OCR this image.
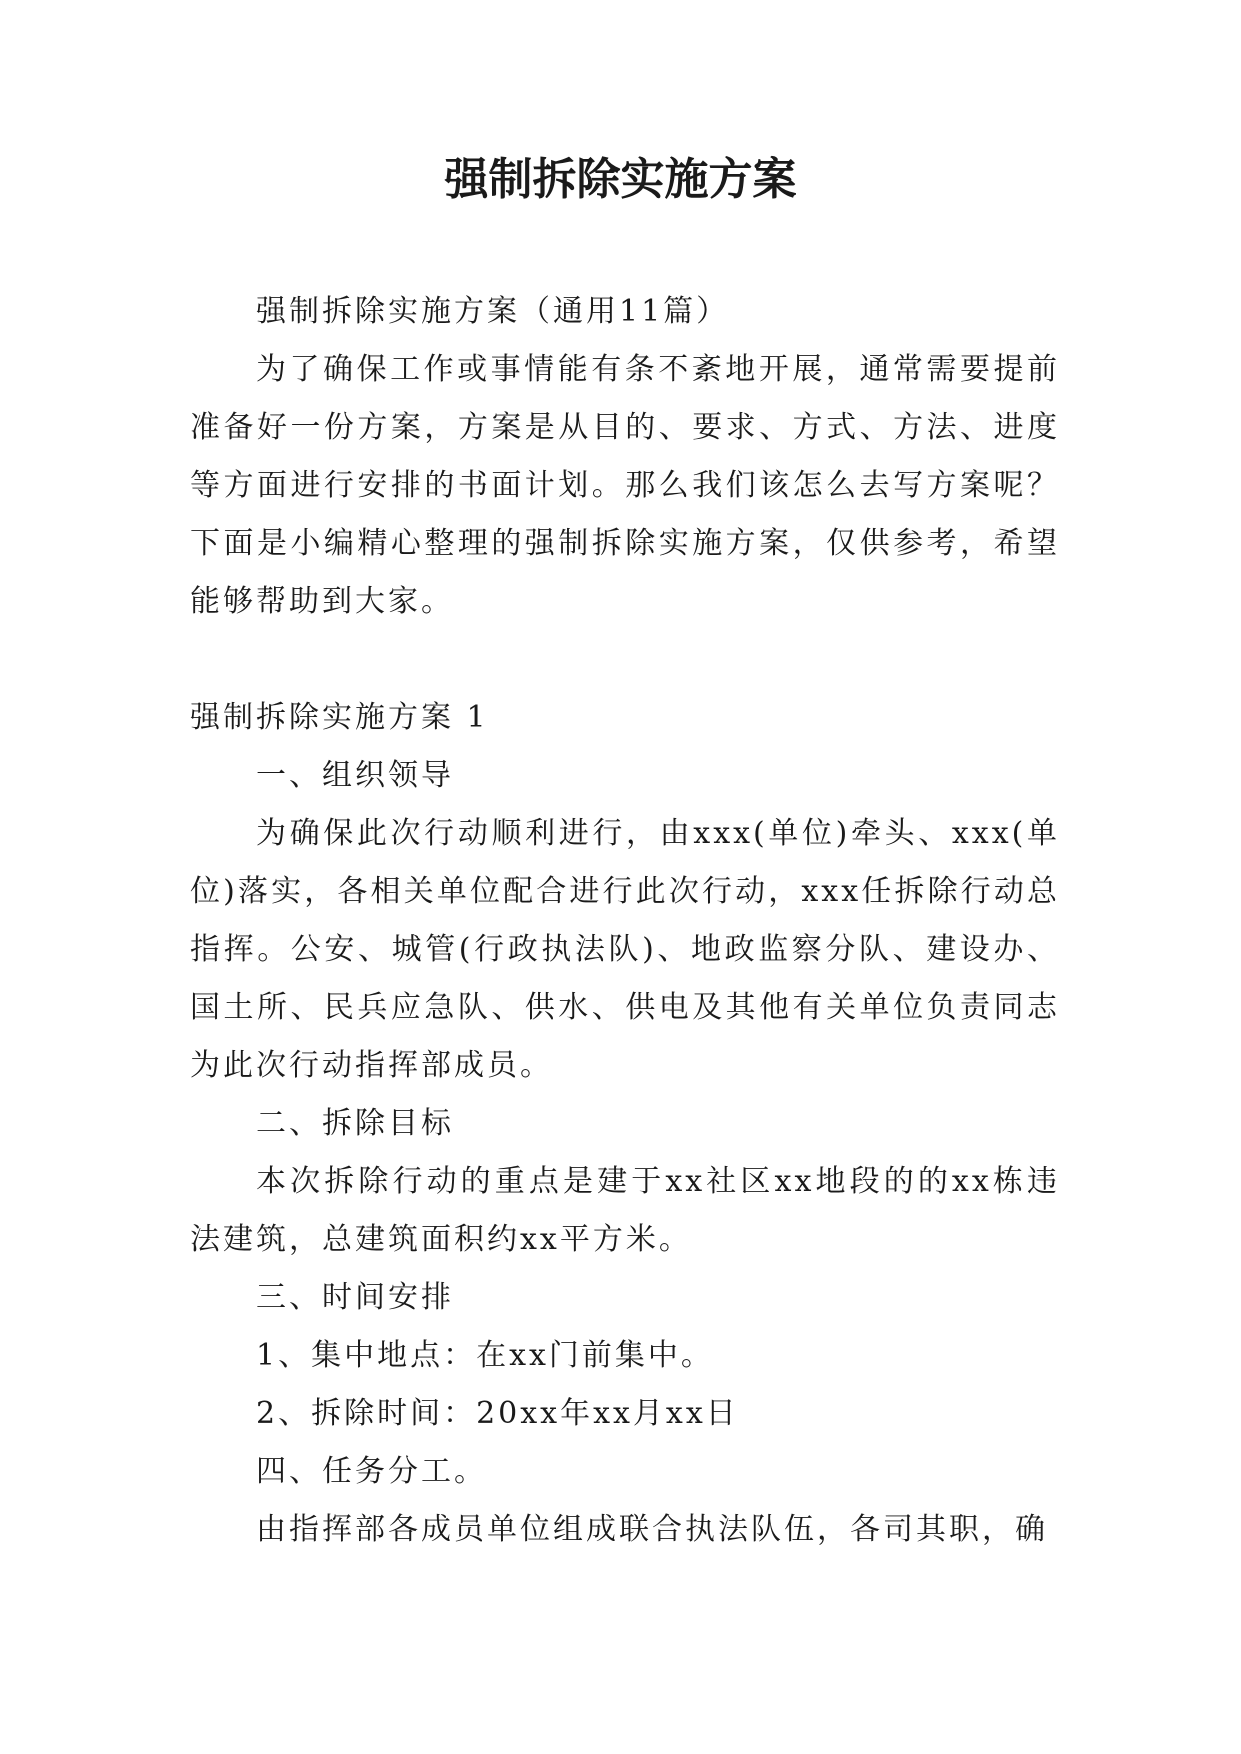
强制拆除实施方案

强制拆除实施方案（通用11篇）

为了确保工作或事情能有条不紊地开展，通常需要提前准备好一份方案，方案是从目的、要求、方式、方法、进度等方面进行安排的书面计划。那么我们该怎么去写方案呢？下面是小编精心整理的强制拆除实施方案，仅供参考，希望能够帮助到大家。

强制拆除实施方案 1

一、组织领导

为确保此次行动顺利进行，由xxx(单位)牵头、xxx(单位)落实，各相关单位配合进行此次行动，xxx任拆除行动总指挥。公安、城管(行政执法队)、地政监察分队、建设办、国土所、民兵应急队、供水、供电及其他有关单位负责同志为此次行动指挥部成员。

二、拆除目标

本次拆除行动的重点是建于xx社区xx地段的的xx栋违法建筑，总建筑面积约xx平方米。

三、时间安排

1、集中地点：在xx门前集中。

2、拆除时间：20xx年xx月xx日

四、任务分工。

由指挥部各成员单位组成联合执法队伍，各司其职，确
